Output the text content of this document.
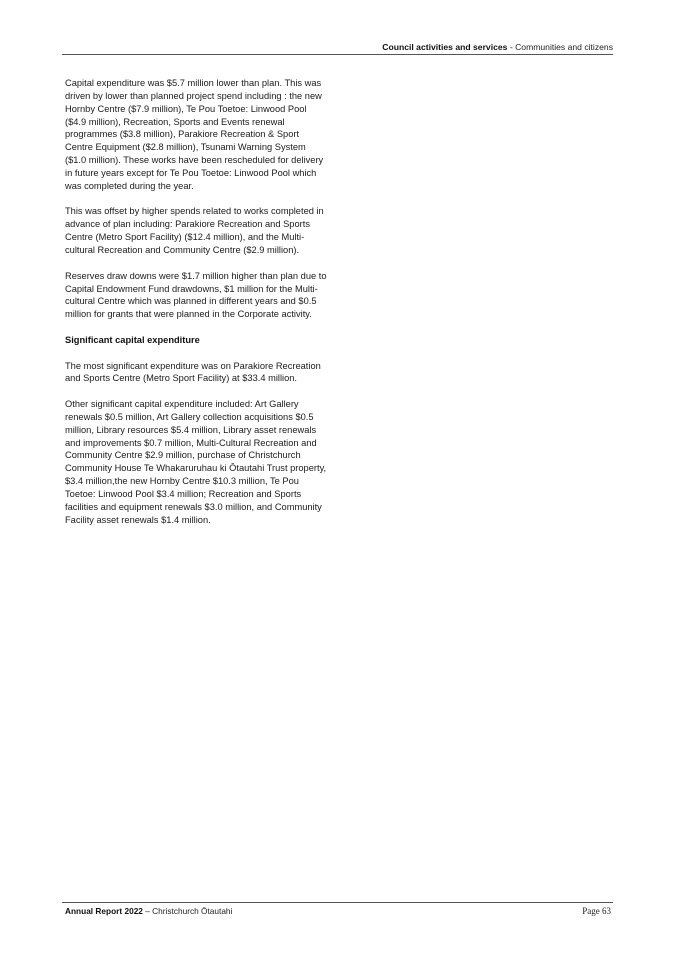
Council activities and services - Communities and citizens

Capital expenditure was $5.7 million lower than plan. This was driven by lower than planned project spend including : the new Hornby Centre ($7.9 million), Te Pou Toetoe: Linwood Pool ($4.9 million), Recreation, Sports and Events renewal programmes ($3.8 million), Parakiore Recreation & Sport Centre Equipment ($2.8 million), Tsunami Warning System ($1.0 million). These works have been rescheduled for delivery in future years except for Te Pou Toetoe: Linwood Pool which was completed during the year.

This was offset by higher spends related to works completed in advance of plan including: Parakiore Recreation and Sports Centre (Metro Sport Facility) ($12.4 million), and the Multi-cultural Recreation and Community Centre ($2.9 million).

Reserves draw downs were $1.7 million higher than plan due to Capital Endowment Fund drawdowns, $1 million for the Multi-cultural Centre which was planned in different years and $0.5 million for grants that were planned in the Corporate activity.

Significant capital expenditure

The most significant expenditure was on Parakiore Recreation and Sports Centre (Metro Sport Facility) at $33.4 million.

Other significant capital expenditure included: Art Gallery renewals $0.5 million, Art Gallery collection acquisitions $0.5 million, Library resources $5.4 million, Library asset renewals and improvements $0.7 million, Multi-Cultural Recreation and Community Centre $2.9 million, purchase of Christchurch Community House Te Whakaruruhau ki Ōtautahi Trust property, $3.4 million,the new Hornby Centre $10.3 million, Te Pou Toetoe: Linwood Pool $3.4 million; Recreation and Sports facilities and equipment renewals $3.0 million, and Community Facility asset renewals $1.4 million.

Annual Report 2022 – Christchurch Ōtautahi	Page 63
